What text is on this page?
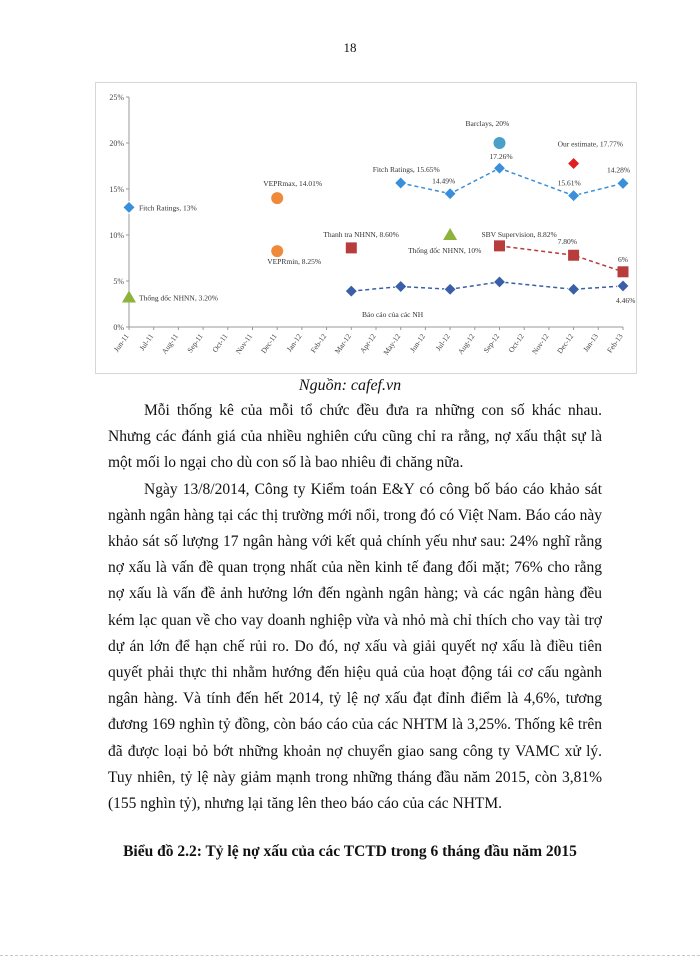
18
0%
5%
10%
15%
20%
25%
Jun-11 Jul-11 Aug-11 Sep-11 Oct-11 Nov-11 Dec-11 Jan-12 Feb-12 Mar-12 Apr-12 May-12 Jun-12 Jul-12 Aug-12 Sep-12 Oct-12 Nov-12 Dec-12 Jan-13 Feb-13
Fitch Ratings, 13%
Thống đốc NHNN, 3.20%
VEPRmax, 14.01%
VEPRmin, 8.25%
Thanh tra NHNN, 8.60%
Fitch Ratings, 15.65%
14.49%
Thống đốc NHNN, 10%
Barclays, 20%
17.26%
SBV Supervision, 8.82%
Our estimate, 17.77%
15.61%
7.80%
14.28%
6%
4.46%
Báo cáo của các NH
Nguồn: cafef.vn

Mỗi thống kê của mỗi tổ chức đều đưa ra những con số khác nhau. Nhưng các đánh giá của nhiều nghiên cứu cũng chỉ ra rằng, nợ xấu thật sự là một mối lo ngại cho dù con số là bao nhiêu đi chăng nữa.

Ngày 13/8/2014, Công ty Kiểm toán E&Y có công bố báo cáo khảo sát ngành ngân hàng tại các thị trường mới nổi, trong đó có Việt Nam. Báo cáo này khảo sát số lượng 17 ngân hàng với kết quả chính yếu như sau: 24% nghĩ rằng nợ xấu là vấn đề quan trọng nhất của nền kinh tế đang đối mặt; 76% cho rằng nợ xấu là vấn đề ảnh hưởng lớn đến ngành ngân hàng; và các ngân hàng đều kém lạc quan về cho vay doanh nghiệp vừa và nhỏ mà chỉ thích cho vay tài trợ dự án lớn để hạn chế rủi ro. Do đó, nợ xấu và giải quyết nợ xấu là điều tiên quyết phải thực thi nhằm hướng đến hiệu quả của hoạt động tái cơ cấu ngành ngân hàng. Và tính đến hết 2014, tỷ lệ nợ xấu đạt đỉnh điểm là 4,6%, tương đương 169 nghìn tỷ đồng, còn báo cáo của các NHTM là 3,25%. Thống kê trên đã được loại bỏ bớt những khoản nợ chuyển giao sang công ty VAMC xử lý. Tuy nhiên, tỷ lệ này giảm mạnh trong những tháng đầu năm 2015, còn 3,81% (155 nghìn tỷ), nhưng lại tăng lên theo báo cáo của các NHTM.

Biểu đồ 2.2: Tỷ lệ nợ xấu của các TCTD trong 6 tháng đầu năm 2015
